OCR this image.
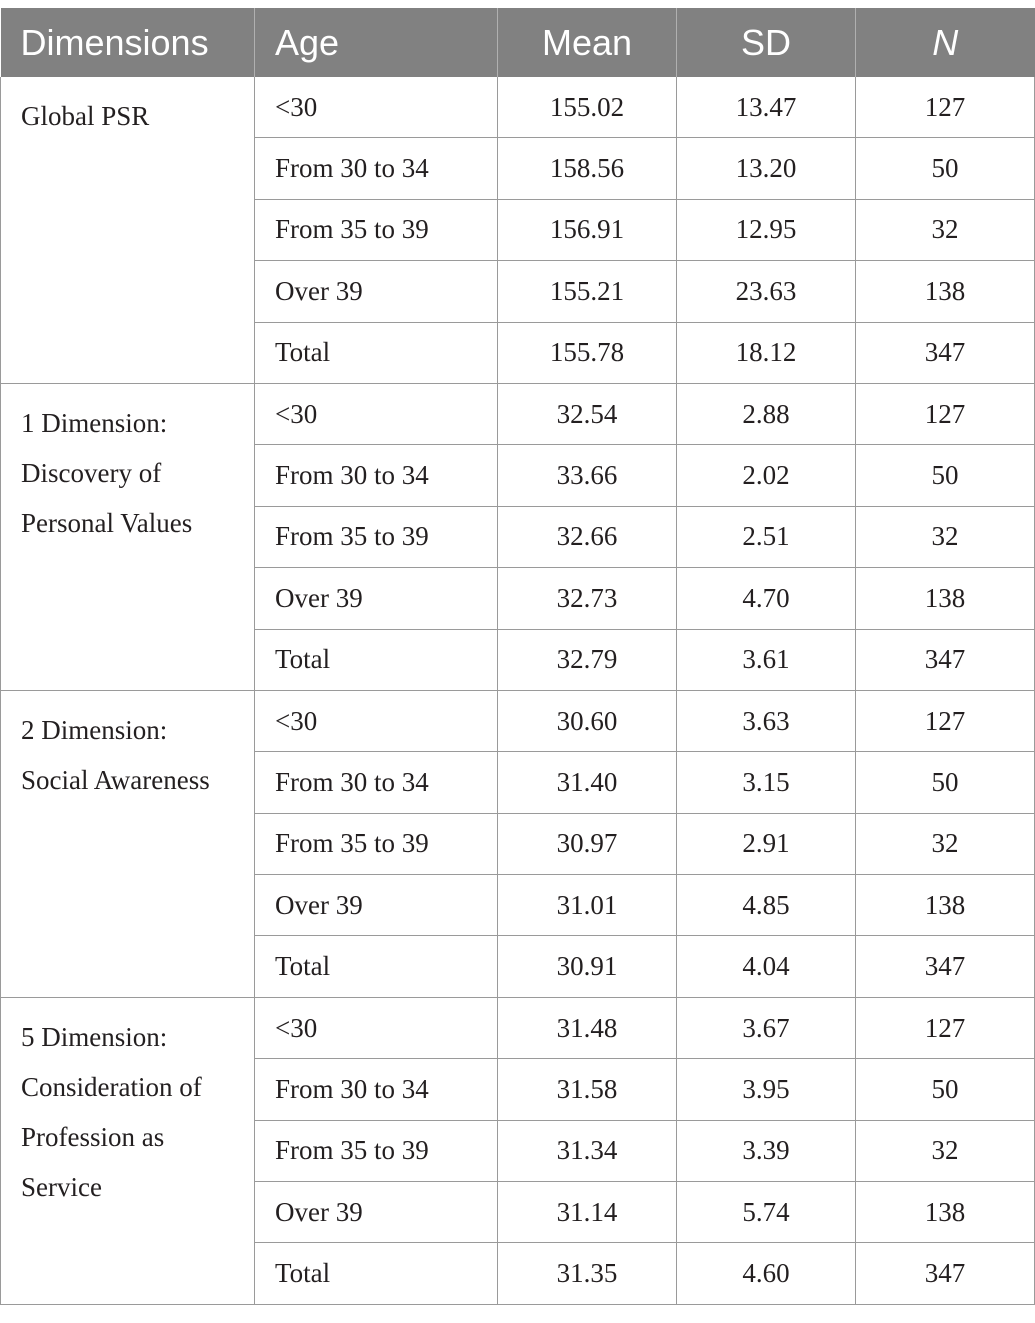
Dimensions	Age	Mean	SD	N

Global PSR	<30	155.02	13.47	127
	From 30 to 34	158.56	13.20	50
	From 35 to 39	156.91	12.95	32
	Over 39	155.21	23.63	138
	Total	155.78	18.12	347

1 Dimension:
Discovery of
Personal Values	<30	32.54	2.88	127
	From 30 to 34	33.66	2.02	50
	From 35 to 39	32.66	2.51	32
	Over 39	32.73	4.70	138
	Total	32.79	3.61	347

2 Dimension:
Social Awareness	<30	30.60	3.63	127
	From 30 to 34	31.40	3.15	50
	From 35 to 39	30.97	2.91	32
	Over 39	31.01	4.85	138
	Total	30.91	4.04	347

5 Dimension:
Consideration of
Profession as
Service	<30	31.48	3.67	127
	From 30 to 34	31.58	3.95	50
	From 35 to 39	31.34	3.39	32
	Over 39	31.14	5.74	138
	Total	31.35	4.60	347
